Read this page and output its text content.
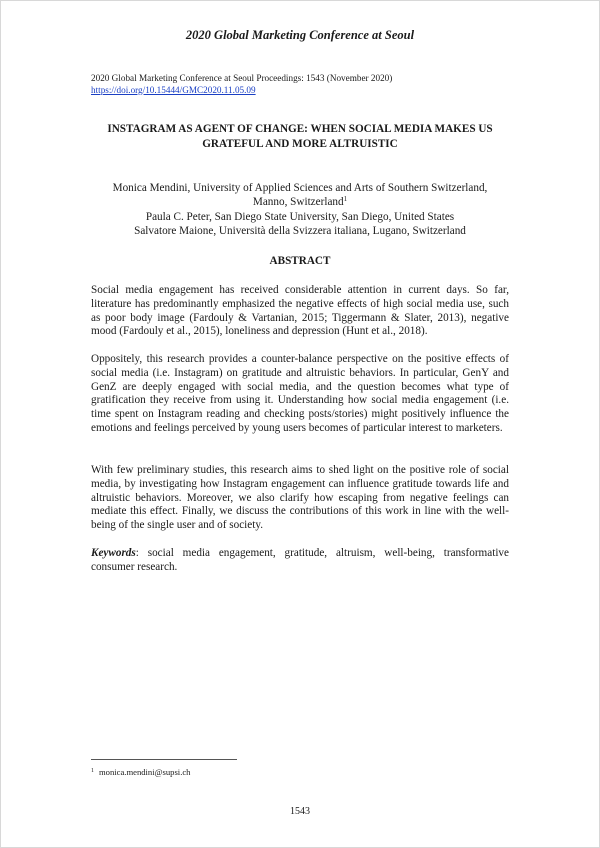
2020 Global Marketing Conference at Seoul
2020 Global Marketing Conference at Seoul Proceedings: 1543 (November 2020)
https://doi.org/10.15444/GMC2020.11.05.09
INSTAGRAM AS AGENT OF CHANGE: WHEN SOCIAL MEDIA MAKES US
GRATEFUL AND MORE ALTRUISTIC
Monica Mendini, University of Applied Sciences and Arts of Southern Switzerland,
Manno, Switzerland$^1$
Paula C. Peter, San Diego State University, San Diego, United States
Salvatore Maione, Università della Svizzera italiana, Lugano, Switzerland
ABSTRACT

Social media engagement has received considerable attention in current days. So far, literature has predominantly emphasized the negative effects of high social media use, such as poor body image (Fardouly & Vartanian, 2015; Tiggermann & Slater, 2013), negative mood (Fardouly et al., 2015), loneliness and depression (Hunt et al., 2018).

Oppositely, this research provides a counter-balance perspective on the positive effects of social media (i.e. Instagram) on gratitude and altruistic behaviors. In particular, GenY and GenZ are deeply engaged with social media, and the question becomes what type of gratification they receive from using it. Understanding how social media engagement (i.e. time spent on Instagram reading and checking posts/stories) might positively influence the emotions and feelings perceived by young users becomes of particular interest to marketers.

With few preliminary studies, this research aims to shed light on the positive role of social media, by investigating how Instagram engagement can influence gratitude towards life and altruistic behaviors. Moreover, we also clarify how escaping from negative feelings can mediate this effect. Finally, we discuss the contributions of this work in line with the well-being of the single user and of society.

Keywords: social media engagement, gratitude, altruism, well-being, transformative consumer research.

$^1$ monica.mendini@supsi.ch
1543
